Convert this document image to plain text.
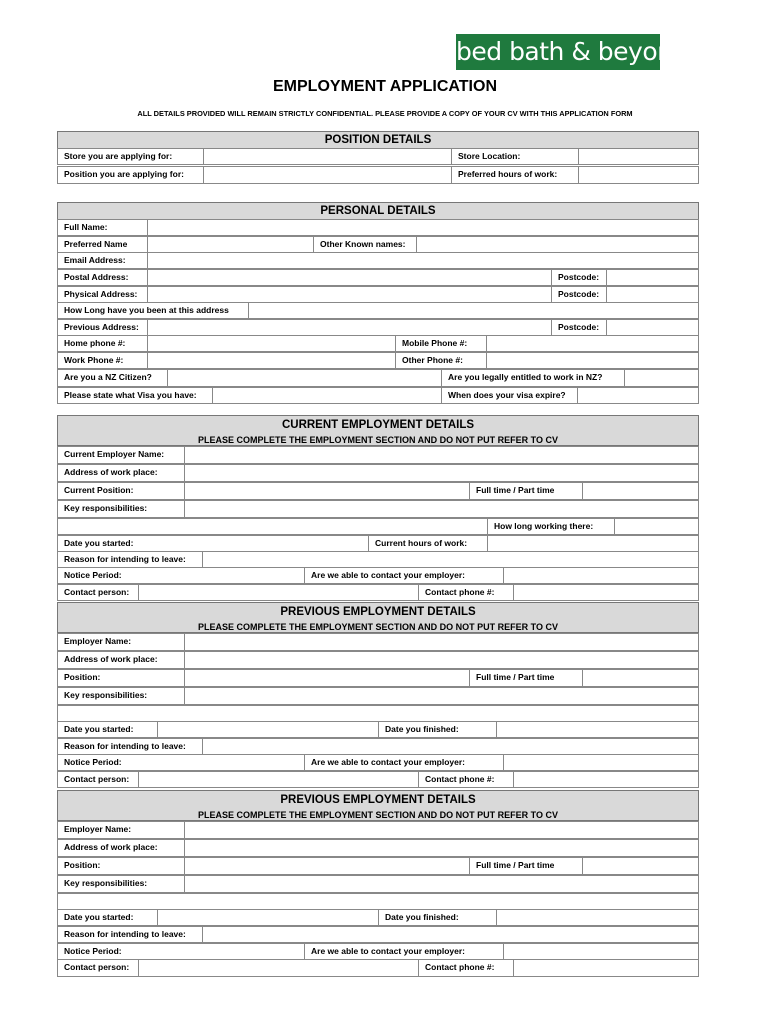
bed bath & beyond
EMPLOYMENT APPLICATION
ALL DETAILS PROVIDED WILL REMAIN STRICTLY CONFIDENTIAL. PLEASE PROVIDE A COPY OF YOUR CV WITH THIS APPLICATION FORM
POSITION DETAILS
Store you are applying for:	Store Location:
Position you are applying for:	Preferred hours of work:
PERSONAL DETAILS
Full Name:
Preferred Name	Other Known names:
Email Address:
Postal Address:	Postcode:
Physical Address:	Postcode:
How Long have you been at this address
Previous Address:	Postcode:
Home phone #:	Mobile Phone #:
Work Phone #:	Other Phone #:
Are you a NZ Citizen?	Are you legally entitled to work in NZ?
Please state what Visa you have:	When does your visa expire?
CURRENT EMPLOYMENT DETAILS
PLEASE COMPLETE THE EMPLOYMENT SECTION AND DO NOT PUT REFER TO CV
Current Employer Name:
Address of work place:
Current Position:	Full time / Part time
Key responsibilities:
How long working there:
Date you started:	Current hours of work:
Reason for intending to leave:
Notice Period:	Are we able to contact your employer:
Contact person:	Contact phone #:
PREVIOUS EMPLOYMENT DETAILS
PLEASE COMPLETE THE EMPLOYMENT SECTION AND DO NOT PUT REFER TO CV
Employer Name:
Address of work place:
Position:	Full time / Part time
Key responsibilities:
Date you started:	Date you finished:
Reason for intending to leave:
Notice Period:	Are we able to contact your employer:
Contact person:	Contact phone #:
PREVIOUS EMPLOYMENT DETAILS
PLEASE COMPLETE THE EMPLOYMENT SECTION AND DO NOT PUT REFER TO CV
Employer Name:
Address of work place:
Position:	Full time / Part time
Key responsibilities:
Date you started:	Date you finished:
Reason for intending to leave:
Notice Period:	Are we able to contact your employer:
Contact person:	Contact phone #:
